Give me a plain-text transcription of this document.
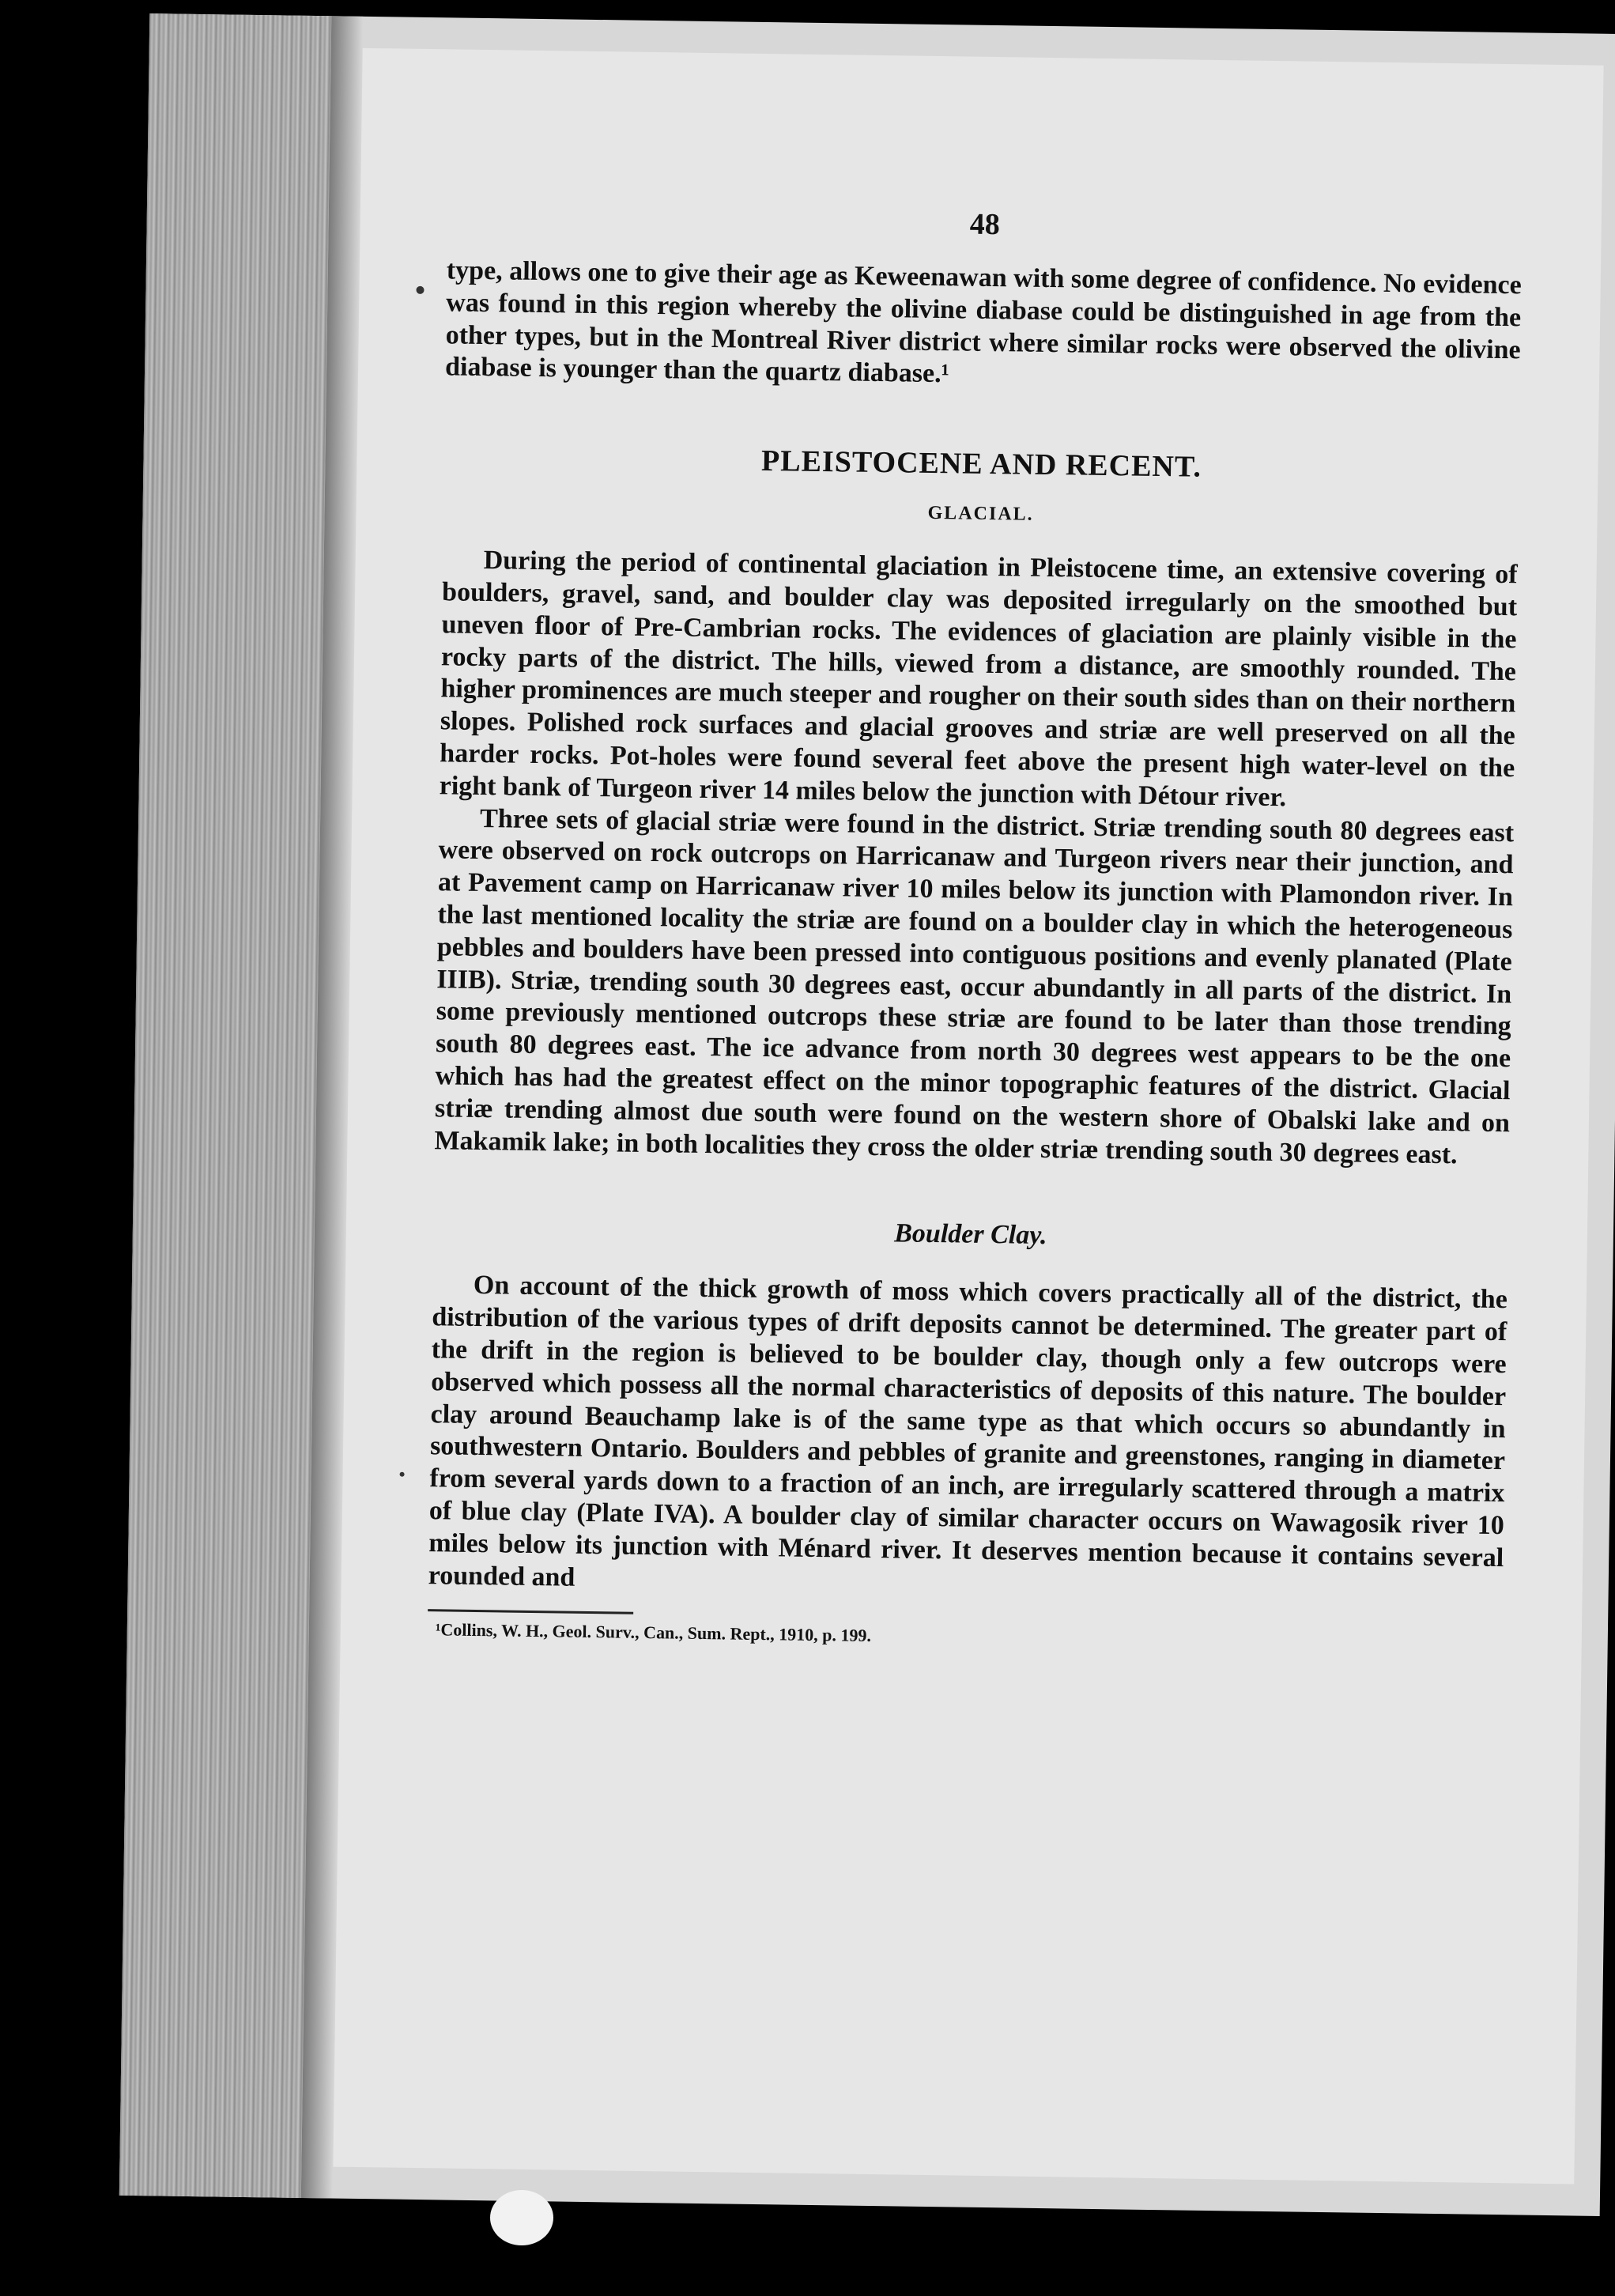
48

type, allows one to give their age as Keweenawan with some degree of confidence. No evidence was found in this region whereby the olivine diabase could be distinguished in age from the other types, but in the Montreal River district where similar rocks were observed the olivine diabase is younger than the quartz diabase.¹

PLEISTOCENE AND RECENT.
GLACIAL.

During the period of continental glaciation in Pleistocene time, an extensive covering of boulders, gravel, sand, and boulder clay was deposited irregularly on the smoothed but uneven floor of Pre-Cambrian rocks. The evidences of glaciation are plainly visible in the rocky parts of the district. The hills, viewed from a distance, are smoothly rounded. The higher prominences are much steeper and rougher on their south sides than on their northern slopes. Polished rock surfaces and glacial grooves and striæ are well preserved on all the harder rocks. Pot-holes were found several feet above the present high water-level on the right bank of Turgeon river 14 miles below the junction with Détour river.

Three sets of glacial striæ were found in the district. Striæ trending south 80 degrees east were observed on rock outcrops on Harricanaw and Turgeon rivers near their junction, and at Pavement camp on Harricanaw river 10 miles below its junction with Plamondon river. In the last mentioned locality the striæ are found on a boulder clay in which the heterogeneous pebbles and boulders have been pressed into contiguous positions and evenly planated (Plate IIIB). Striæ, trending south 30 degrees east, occur abundantly in all parts of the district. In some previously mentioned outcrops these striæ are found to be later than those trending south 80 degrees east. The ice advance from north 30 degrees west appears to be the one which has had the greatest effect on the minor topographic features of the district. Glacial striæ trending almost due south were found on the western shore of Obalski lake and on Makamik lake; in both localities they cross the older striæ trending south 30 degrees east.

Boulder Clay.

On account of the thick growth of moss which covers practically all of the district, the distribution of the various types of drift deposits cannot be determined. The greater part of the drift in the region is believed to be boulder clay, though only a few outcrops were observed which possess all the normal characteristics of deposits of this nature. The boulder clay around Beauchamp lake is of the same type as that which occurs so abundantly in southwestern Ontario. Boulders and pebbles of granite and greenstones, ranging in diameter from several yards down to a fraction of an inch, are irregularly scattered through a matrix of blue clay (Plate IVA). A boulder clay of similar character occurs on Wawagosik river 10 miles below its junction with Ménard river. It deserves mention because it contains several rounded and

¹Collins, W. H., Geol. Surv., Can., Sum. Rept., 1910, p. 199.
